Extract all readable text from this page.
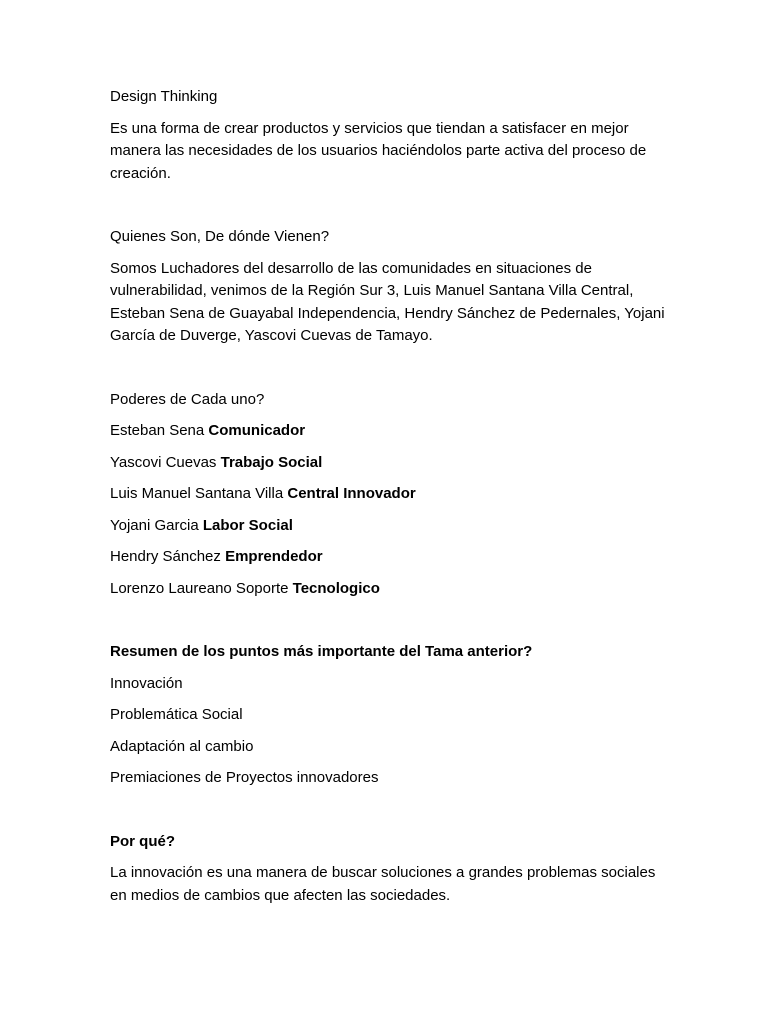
Design Thinking

Es una forma de crear productos y servicios que tiendan a satisfacer en mejor manera las necesidades de los usuarios haciéndolos parte activa del proceso de creación.

Quienes Son, De dónde Vienen?

Somos Luchadores del desarrollo de las comunidades en situaciones de vulnerabilidad, venimos de la Región Sur 3, Luis Manuel Santana Villa Central, Esteban Sena de Guayabal Independencia, Hendry Sánchez de Pedernales, Yojani García de Duverge, Yascovi Cuevas de Tamayo.

Poderes de Cada uno?

Esteban Sena Comunicador

Yascovi Cuevas Trabajo Social

Luis Manuel Santana Villa Central Innovador

Yojani Garcia Labor Social

Hendry Sánchez Emprendedor

Lorenzo Laureano Soporte Tecnologico

Resumen de los puntos más importante del Tama anterior?

Innovación

Problemática Social

Adaptación al cambio

Premiaciones de Proyectos innovadores

Por qué?

La innovación es una manera de buscar soluciones a grandes problemas sociales en medios de cambios que afecten las sociedades.
